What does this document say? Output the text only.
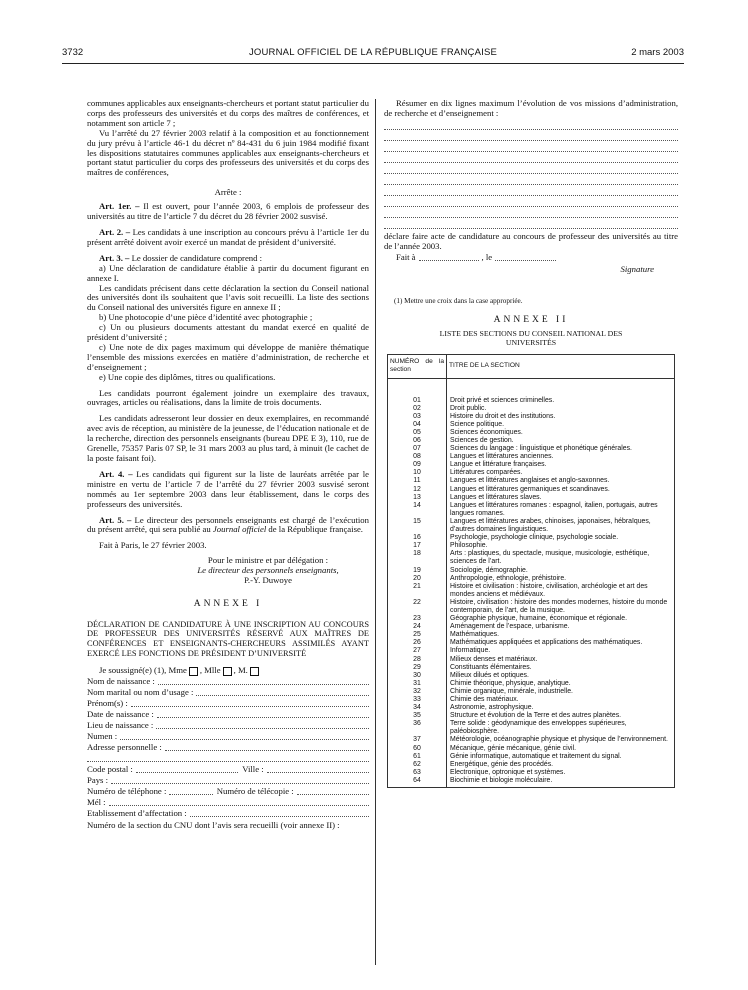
3732	JOURNAL OFFICIEL DE LA RÉPUBLIQUE FRANÇAISE	2 mars 2003

communes applicables aux enseignants-chercheurs et portant statut particulier du corps des professeurs des universités et du corps des maîtres de conférences, et notamment son article 7 ;

Vu l’arrêté du 27 février 2003 relatif à la composition et au fonctionnement du jury prévu à l’article 46-1 du décret nº 84-431 du 6 juin 1984 modifié fixant les dispositions statutaires communes applicables aux enseignants-chercheurs et portant statut particulier du corps des professeurs des universités et du corps des maîtres de conférences,

Arrête :

Art. 1er. – Il est ouvert, pour l’année 2003, 6 emplois de professeur des universités au titre de l’article 7 du décret du 28 février 2002 susvisé.

Art. 2. – Les candidats à une inscription au concours prévu à l’article 1er du présent arrêté doivent avoir exercé un mandat de président d’université.

Art. 3. – Le dossier de candidature comprend :

a) Une déclaration de candidature établie à partir du document figurant en annexe I.

Les candidats précisent dans cette déclaration la section du Conseil national des universités dont ils souhaitent que l’avis soit recueilli. La liste des sections du Conseil national des universités figure en annexe II ;

b) Une photocopie d’une pièce d’identité avec photographie ;

c) Un ou plusieurs documents attestant du mandat exercé en qualité de président d’université ;

c) Une note de dix pages maximum qui développe de manière thématique l’ensemble des missions exercées en matière d’administration, de recherche et d’enseignement ;

e) Une copie des diplômes, titres ou qualifications.

Les candidats pourront également joindre un exemplaire des travaux, ouvrages, articles ou réalisations, dans la limite de trois documents.

Les candidats adresseront leur dossier en deux exemplaires, en recommandé avec avis de réception, au ministère de la jeunesse, de l’éducation nationale et de la recherche, direction des personnels enseignants (bureau DPE E 3), 110, rue de Grenelle, 75357 Paris 07 SP, le 31 mars 2003 au plus tard, à minuit (le cachet de la poste faisant foi).

Art. 4. – Les candidats qui figurent sur la liste de lauréats arrêtée par le ministre en vertu de l’article 7 de l’arrêté du 27 février 2003 susvisé seront nommés au 1er septembre 2003 dans leur établissement, dans le corps des professeurs des universités.

Art. 5. – Le directeur des personnels enseignants est chargé de l’exécution du présent arrêté, qui sera publié au Journal officiel de la République française.

Fait à Paris, le 27 février 2003.

Pour le ministre et par délégation :

Le directeur des personnels enseignants,

P.-Y. Duwoye

ANNEXE I

DÉCLARATION DE CANDIDATURE À UNE INSCRIPTION AU CONCOURS DE PROFESSEUR DES UNIVERSITÉS RÉSERVÉ AUX MAÎTRES DE CONFÉRENCES ET ENSEIGNANTS-CHERCHEURS ASSIMILÉS AYANT EXERCÉ LES FONCTIONS DE PRÉSIDENT D’UNIVERSITÉ

Je soussigné(e) (1), Mme , Mlle , M.

Nom de naissance :
Nom marital ou nom d’usage :
Prénom(s) :
Date de naissance :
Lieu de naissance :
Numen :
Adresse personnelle :
Code postal :	Ville :
Pays :
Numéro de téléphone :	Numéro de télécopie :
Mél :
Etablissement d’affectation :

Numéro de la section du CNU dont l’avis sera recueilli (voir annexe II) :

Résumer en dix lignes maximum l’évolution de vos missions d’administration, de recherche et d’enseignement :

déclare faire acte de candidature au concours de professeur des universités au titre de l’année 2003.

Fait à	, le

Signature

(1) Mettre une croix dans la case appropriée.

ANNEXE II

LISTE DES SECTIONS DU CONSEIL NATIONAL DES UNIVERSITÉS

NUMÉRO de la section	TITRE DE LA SECTION
01	Droit privé et sciences criminelles.
02	Droit public.
03	Histoire du droit et des institutions.
04	Science politique.
05	Sciences économiques.
06	Sciences de gestion.
07	Sciences du langage : linguistique et phonétique générales.
08	Langues et littératures anciennes.
09	Langue et littérature françaises.
10	Littératures comparées.
11	Langues et littératures anglaises et anglo-saxonnes.
12	Langues et littératures germaniques et scandinaves.
13	Langues et littératures slaves.
14	Langues et littératures romanes : espagnol, italien, portugais, autres langues romanes.
15	Langues et littératures arabes, chinoises, japonaises, hébraïques, d’autres domaines linguistiques.
16	Psychologie, psychologie clinique, psychologie sociale.
17	Philosophie.
18	Arts : plastiques, du spectacle, musique, musicologie, esthétique, sciences de l’art.
19	Sociologie, démographie.
20	Anthropologie, ethnologie, préhistoire.
21	Histoire et civilisation : histoire, civilisation, archéologie et art des mondes anciens et médiévaux.
22	Histoire, civilisation : histoire des mondes modernes, histoire du monde contemporain, de l’art, de la musique.
23	Géographie physique, humaine, économique et régionale.
24	Aménagement de l’espace, urbanisme.
25	Mathématiques.
26	Mathématiques appliquées et applications des mathématiques.
27	Informatique.
28	Milieux denses et matériaux.
29	Constituants élémentaires.
30	Milieux dilués et optiques.
31	Chimie théorique, physique, analytique.
32	Chimie organique, minérale, industrielle.
33	Chimie des matériaux.
34	Astronomie, astrophysique.
35	Structure et évolution de la Terre et des autres planètes.
36	Terre solide : géodynamique des enveloppes supérieures, paléobiosphère.
37	Météorologie, océanographie physique et physique de l’environnement.
60	Mécanique, génie mécanique, génie civil.
61	Génie informatique, automatique et traitement du signal.
62	Energétique, génie des procédés.
63	Electronique, optronique et systèmes.
64	Biochimie et biologie moléculaire.
